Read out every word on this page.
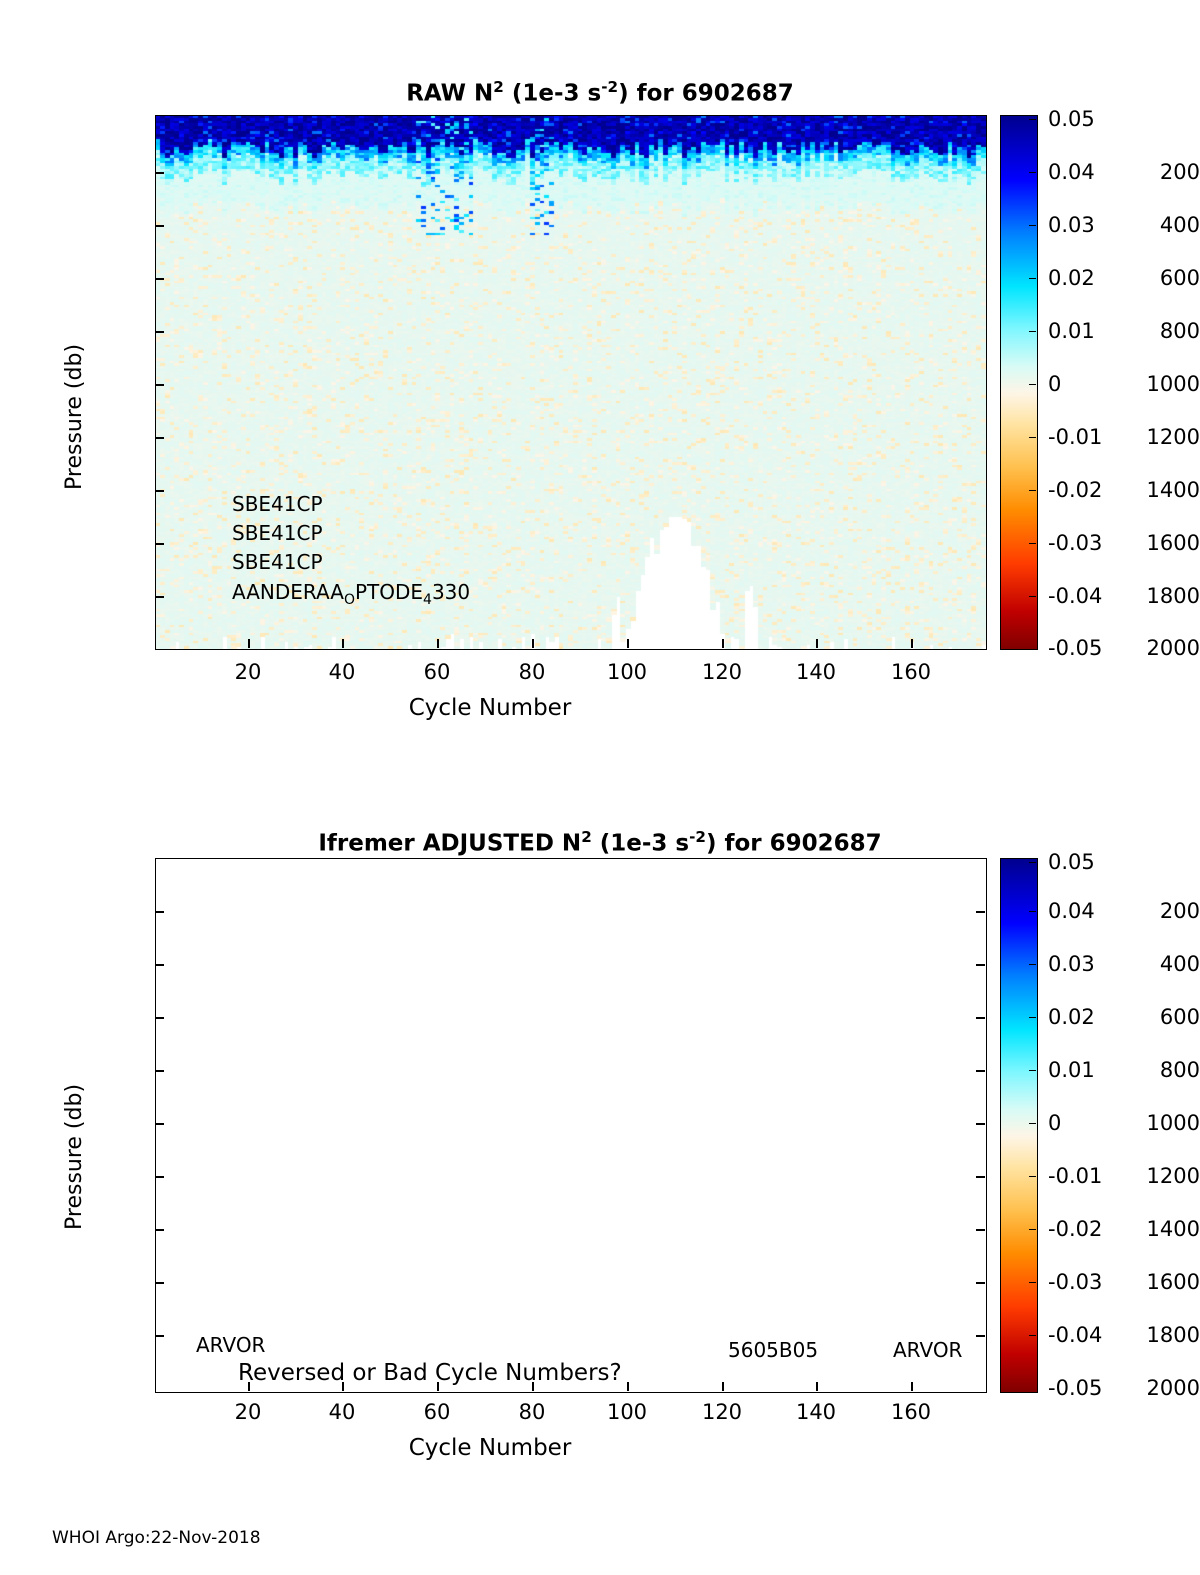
RAW $N^2$ (1e-3 $s^{-2}$) for 6902687
200
400
600
800
1000
1200
1400
1600
1800
2000
20	40	60	80	100	120	140	160
Pressure (db)
Cycle Number
SBE41CP
SBE41CP
SBE41CP
$AANDERAA_OPTODE_4330$
0.05
0.04
0.03
0.02
0.01
0
-0.01
-0.02
-0.03
-0.04
-0.05
Ifremer ADJUSTED $N^2$ (1e-3 $s^{-2}$) for 6902687
200
400
600
800
1000
1200
1400
1600
1800
2000
20	40	60	80	100	120	140	160
Pressure (db)
Cycle Number
ARVOR
Reversed or Bad Cycle Numbers?
5605B05	ARVOR
0.05
0.04
0.03
0.02
0.01
0
-0.01
-0.02
-0.03
-0.04
-0.05
WHOI Argo:22-Nov-2018
